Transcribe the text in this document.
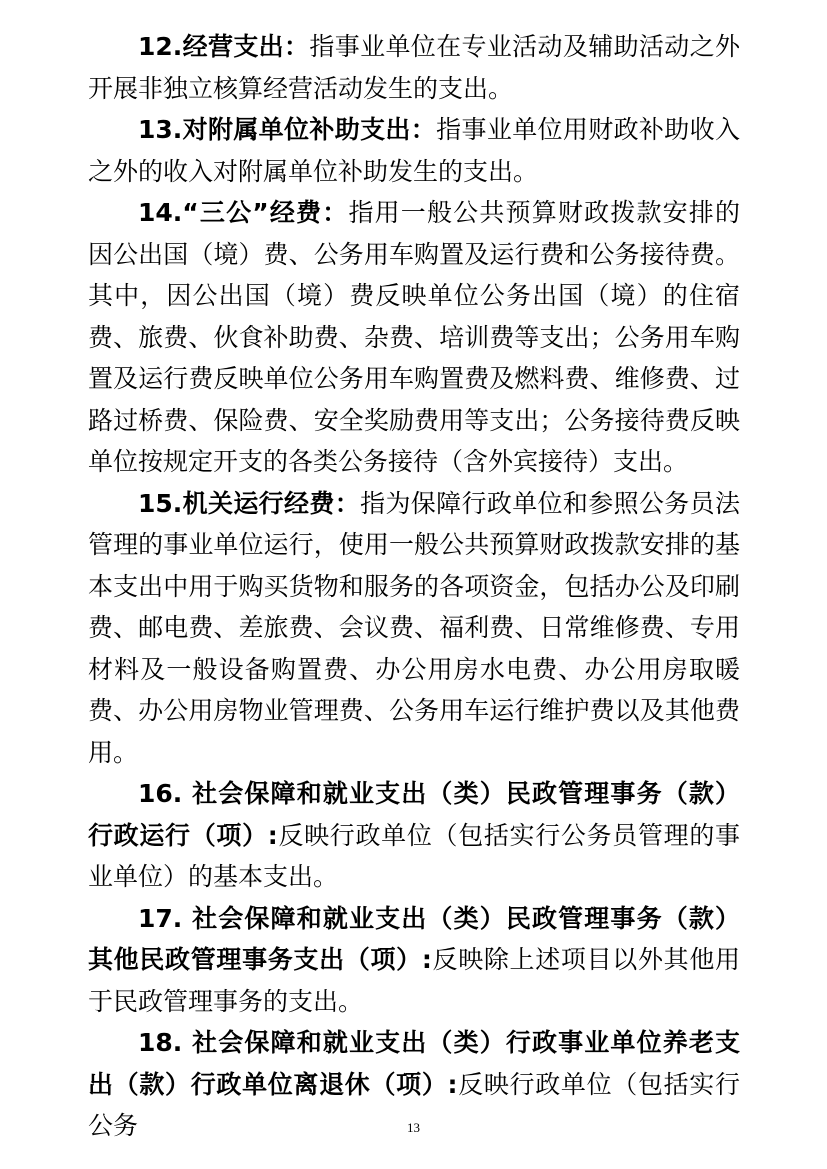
12.经营支出：指事业单位在专业活动及辅助活动之外开展非独立核算经营活动发生的支出。

13.对附属单位补助支出：指事业单位用财政补助收入之外的收入对附属单位补助发生的支出。

14.“三公”经费：指用一般公共预算财政拨款安排的因公出国（境）费、公务用车购置及运行费和公务接待费。其中，因公出国（境）费反映单位公务出国（境）的住宿费、旅费、伙食补助费、杂费、培训费等支出；公务用车购置及运行费反映单位公务用车购置费及燃料费、维修费、过路过桥费、保险费、安全奖励费用等支出；公务接待费反映单位按规定开支的各类公务接待（含外宾接待）支出。

15.机关运行经费：指为保障行政单位和参照公务员法管理的事业单位运行，使用一般公共预算财政拨款安排的基本支出中用于购买货物和服务的各项资金，包括办公及印刷费、邮电费、差旅费、会议费、福利费、日常维修费、专用材料及一般设备购置费、办公用房水电费、办公用房取暖费、办公用房物业管理费、公务用车运行维护费以及其他费用。

16. 社会保障和就业支出（类）民政管理事务（款）行政运行（项）:反映行政单位（包括实行公务员管理的事业单位）的基本支出。

17. 社会保障和就业支出（类）民政管理事务（款）其他民政管理事务支出（项）:反映除上述项目以外其他用于民政管理事务的支出。

18. 社会保障和就业支出（类）行政事业单位养老支出（款）行政单位离退休（项）:反映行政单位（包括实行公务	13
